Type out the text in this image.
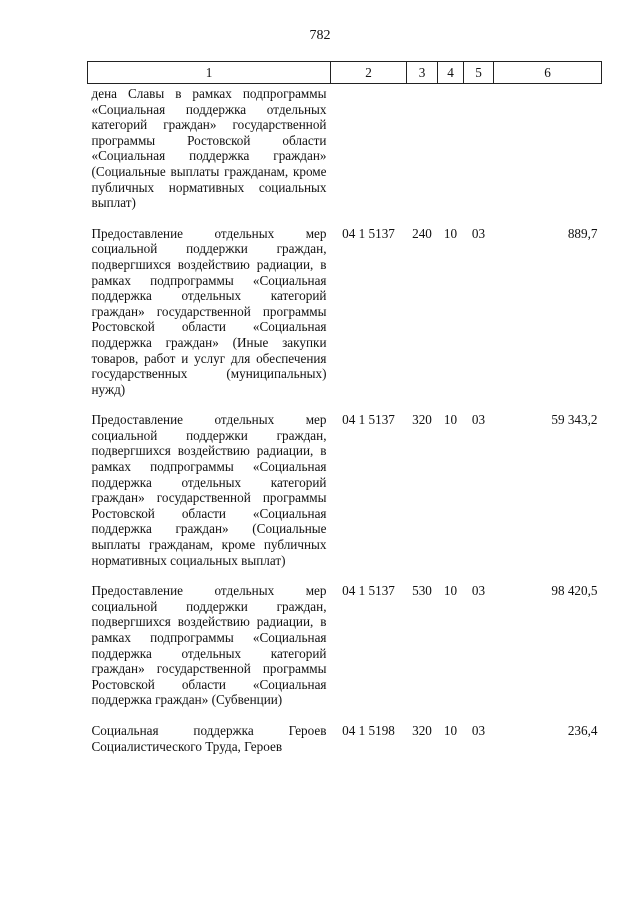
782
1	2	3	4	5	6
дена Славы в рамках подпрограммы «Социальная поддержка отдельных категорий граждан» государственной программы Ростовской области «Социальная поддержка граждан» (Социальные выплаты гражданам, кроме публичных нормативных социальных выплат)					
Предоставление отдельных мер социальной поддержки граждан, подвергшихся воздействию радиации, в рамках подпрограммы «Социальная поддержка отдельных категорий граждан» государственной программы Ростовской области «Социальная поддержка граждан» (Иные закупки товаров, работ и услуг для обеспечения государственных (муниципальных) нужд)	04 1 5137	240	10	03	889,7
Предоставление отдельных мер социальной поддержки граждан, подвергшихся воздействию радиации, в рамках подпрограммы «Социальная поддержка отдельных категорий граждан» государственной программы Ростовской области «Социальная поддержка граждан» (Социальные выплаты гражданам, кроме публичных нормативных социальных выплат)	04 1 5137	320	10	03	59 343,2
Предоставление отдельных мер социальной поддержки граждан, подвергшихся воздействию радиации, в рамках подпрограммы «Социальная поддержка отдельных категорий граждан» государственной программы Ростовской области «Социальная поддержка граждан» (Субвенции)	04 1 5137	530	10	03	98 420,5
Социальная поддержка Героев Социалистического Труда, Героев	04 1 5198	320	10	03	236,4
